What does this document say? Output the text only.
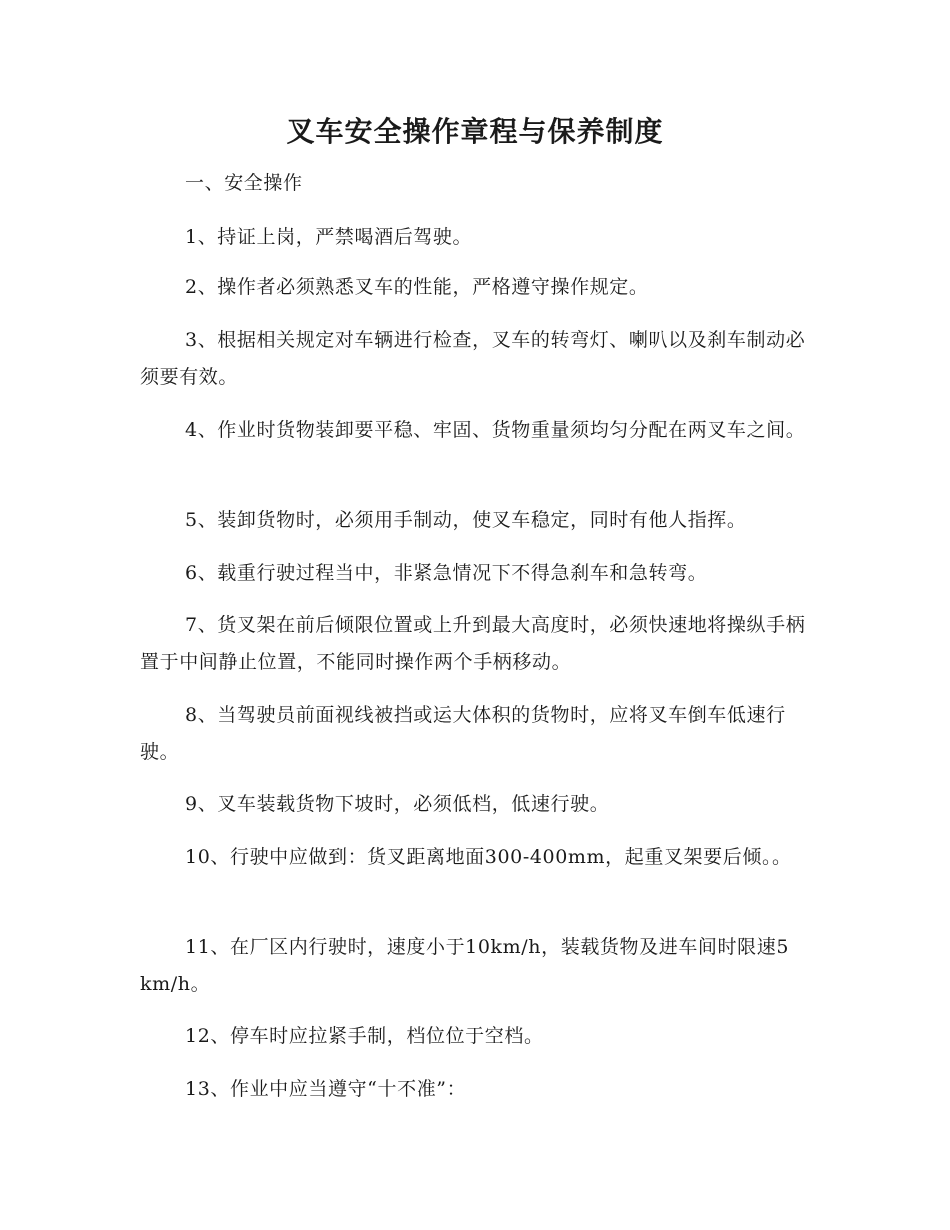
叉车安全操作章程与保养制度

一、安全操作

1、持证上岗，严禁喝酒后驾驶。

2、操作者必须熟悉叉车的性能，严格遵守操作规定。

3、根据相关规定对车辆进行检查，叉车的转弯灯、喇叭以及刹车制动必须要有效。

4、作业时货物装卸要平稳、牢固、货物重量须均匀分配在两叉车之间。

5、装卸货物时，必须用手制动，使叉车稳定，同时有他人指挥。

6、载重行驶过程当中，非紧急情况下不得急刹车和急转弯。

7、货叉架在前后倾限位置或上升到最大高度时，必须快速地将操纵手柄置于中间静止位置，不能同时操作两个手柄移动。

8、当驾驶员前面视线被挡或运大体积的货物时，应将叉车倒车低速行驶。

9、叉车装载货物下坡时，必须低档，低速行驶。

10、行驶中应做到：货叉距离地面300-400mm，起重叉架要后倾。。

11、在厂区内行驶时，速度小于10km/h，装载货物及进车间时限速5 km/h。

12、停车时应拉紧手制，档位位于空档。

13、作业中应当遵守“十不准”：
